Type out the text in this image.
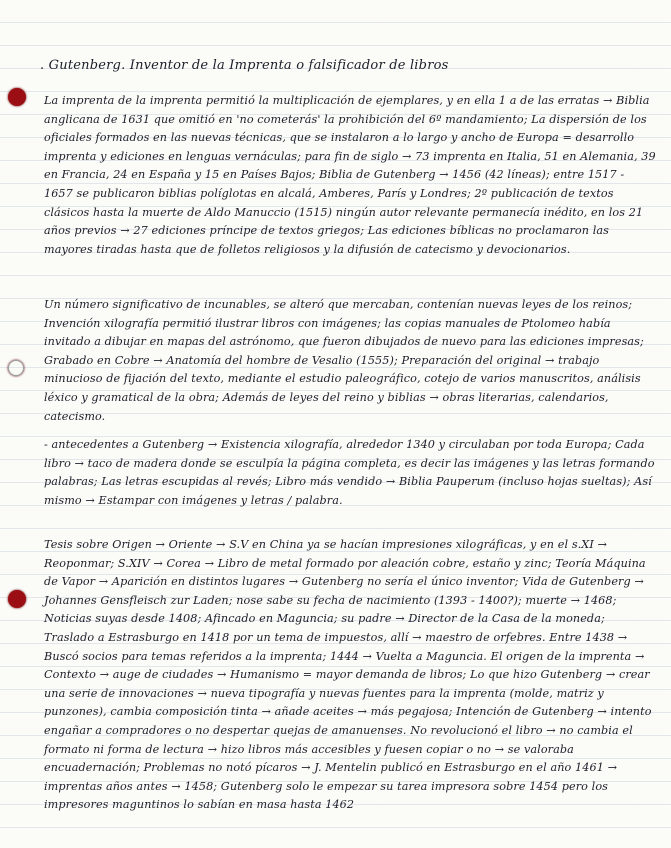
. Gutenberg. Inventor de la Imprenta o falsificador de libros

La imprenta de la imprenta permitió la multiplicación de ejemplares, y en ella 1 a de las erratas → Biblia anglicana de 1631 que omitió en 'no cometerás' la prohibición del 6º mandamiento; La dispersión de los oficiales formados en las nuevas técnicas, que se instalaron a lo largo y ancho de Europa = desarrollo imprenta y ediciones en lenguas vernáculas; para fin de siglo → 73 imprenta en Italia, 51 en Alemania, 39 en Francia, 24 en España y 15 en Países Bajos; Biblia de Gutenberg → 1456 (42 líneas); entre 1517 - 1657 se publicaron biblias políglotas en alcalá, Amberes, París y Londres; 2º publicación de textos clásicos hasta la muerte de Aldo Manuccio (1515) ningún autor relevante permanecía inédito, en los 21 años previos → 27 ediciones príncipe de textos griegos; Las ediciones bíblicas no proclamaron las mayores tiradas hasta que de folletos religiosos y la difusión de catecismo y devocionarios.

Un número significativo de incunables, se alteró que mercaban, contenían nuevas leyes de los reinos; Invención xilografía permitió ilustrar libros con imágenes; las copias manuales de Ptolomeo había invitado a dibujar en mapas del astrónomo, que fueron dibujados de nuevo para las ediciones impresas; Grabado en Cobre → Anatomía del hombre de Vesalio (1555); Preparación del original → trabajo minucioso de fijación del texto, mediante el estudio paleográfico, cotejo de varios manuscritos, análisis léxico y gramatical de la obra; Además de leyes del reino y biblias → obras literarias, calendarios, catecismo.

- antecedentes a Gutenberg → Existencia xilografía, alrededor 1340 y circulaban por toda Europa; Cada libro → taco de madera donde se esculpía la página completa, es decir las imágenes y las letras formando palabras; Las letras escupidas al revés; Libro más vendido → Biblia Pauperum (incluso hojas sueltas); Así mismo → Estampar con imágenes y letras / palabra.

Tesis sobre Origen → Oriente → S.V en China ya se hacían impresiones xilográficas, y en el s.XI → Reoponmar; S.XIV → Corea → Libro de metal formado por aleación cobre, estaño y zinc; Teoría Máquina de Vapor → Aparición en distintos lugares → Gutenberg no sería el único inventor; Vida de Gutenberg → Johannes Gensfleisch zur Laden; nose sabe su fecha de nacimiento (1393 - 1400?); muerte → 1468; Noticias suyas desde 1408; Afincado en Maguncia; su padre → Director de la Casa de la moneda; Traslado a Estrasburgo en 1418 por un tema de impuestos, allí → maestro de orfebres. Entre 1438 → Buscó socios para temas referidos a la imprenta; 1444 → Vuelta a Maguncia. El origen de la imprenta → Contexto → auge de ciudades → Humanismo = mayor demanda de libros; Lo que hizo Gutenberg → crear una serie de innovaciones → nueva tipografía y nuevas fuentes para la imprenta (molde, matriz y punzones), cambia composición tinta → añade aceites → más pegajosa; Intención de Gutenberg → intento engañar a compradores o no despertar quejas de amanuenses. No revolucionó el libro → no cambia el formato ni forma de lectura → hizo libros más accesibles y fuesen copiar o no → se valoraba encuadernación; Problemas no notó pícaros → J. Mentelin publicó en Estrasburgo en el año 1461 → imprentas años antes → 1458; Gutenberg solo le empezar su tarea impresora sobre 1454 pero los impresores maguntinos lo sabían en masa hasta 1462
